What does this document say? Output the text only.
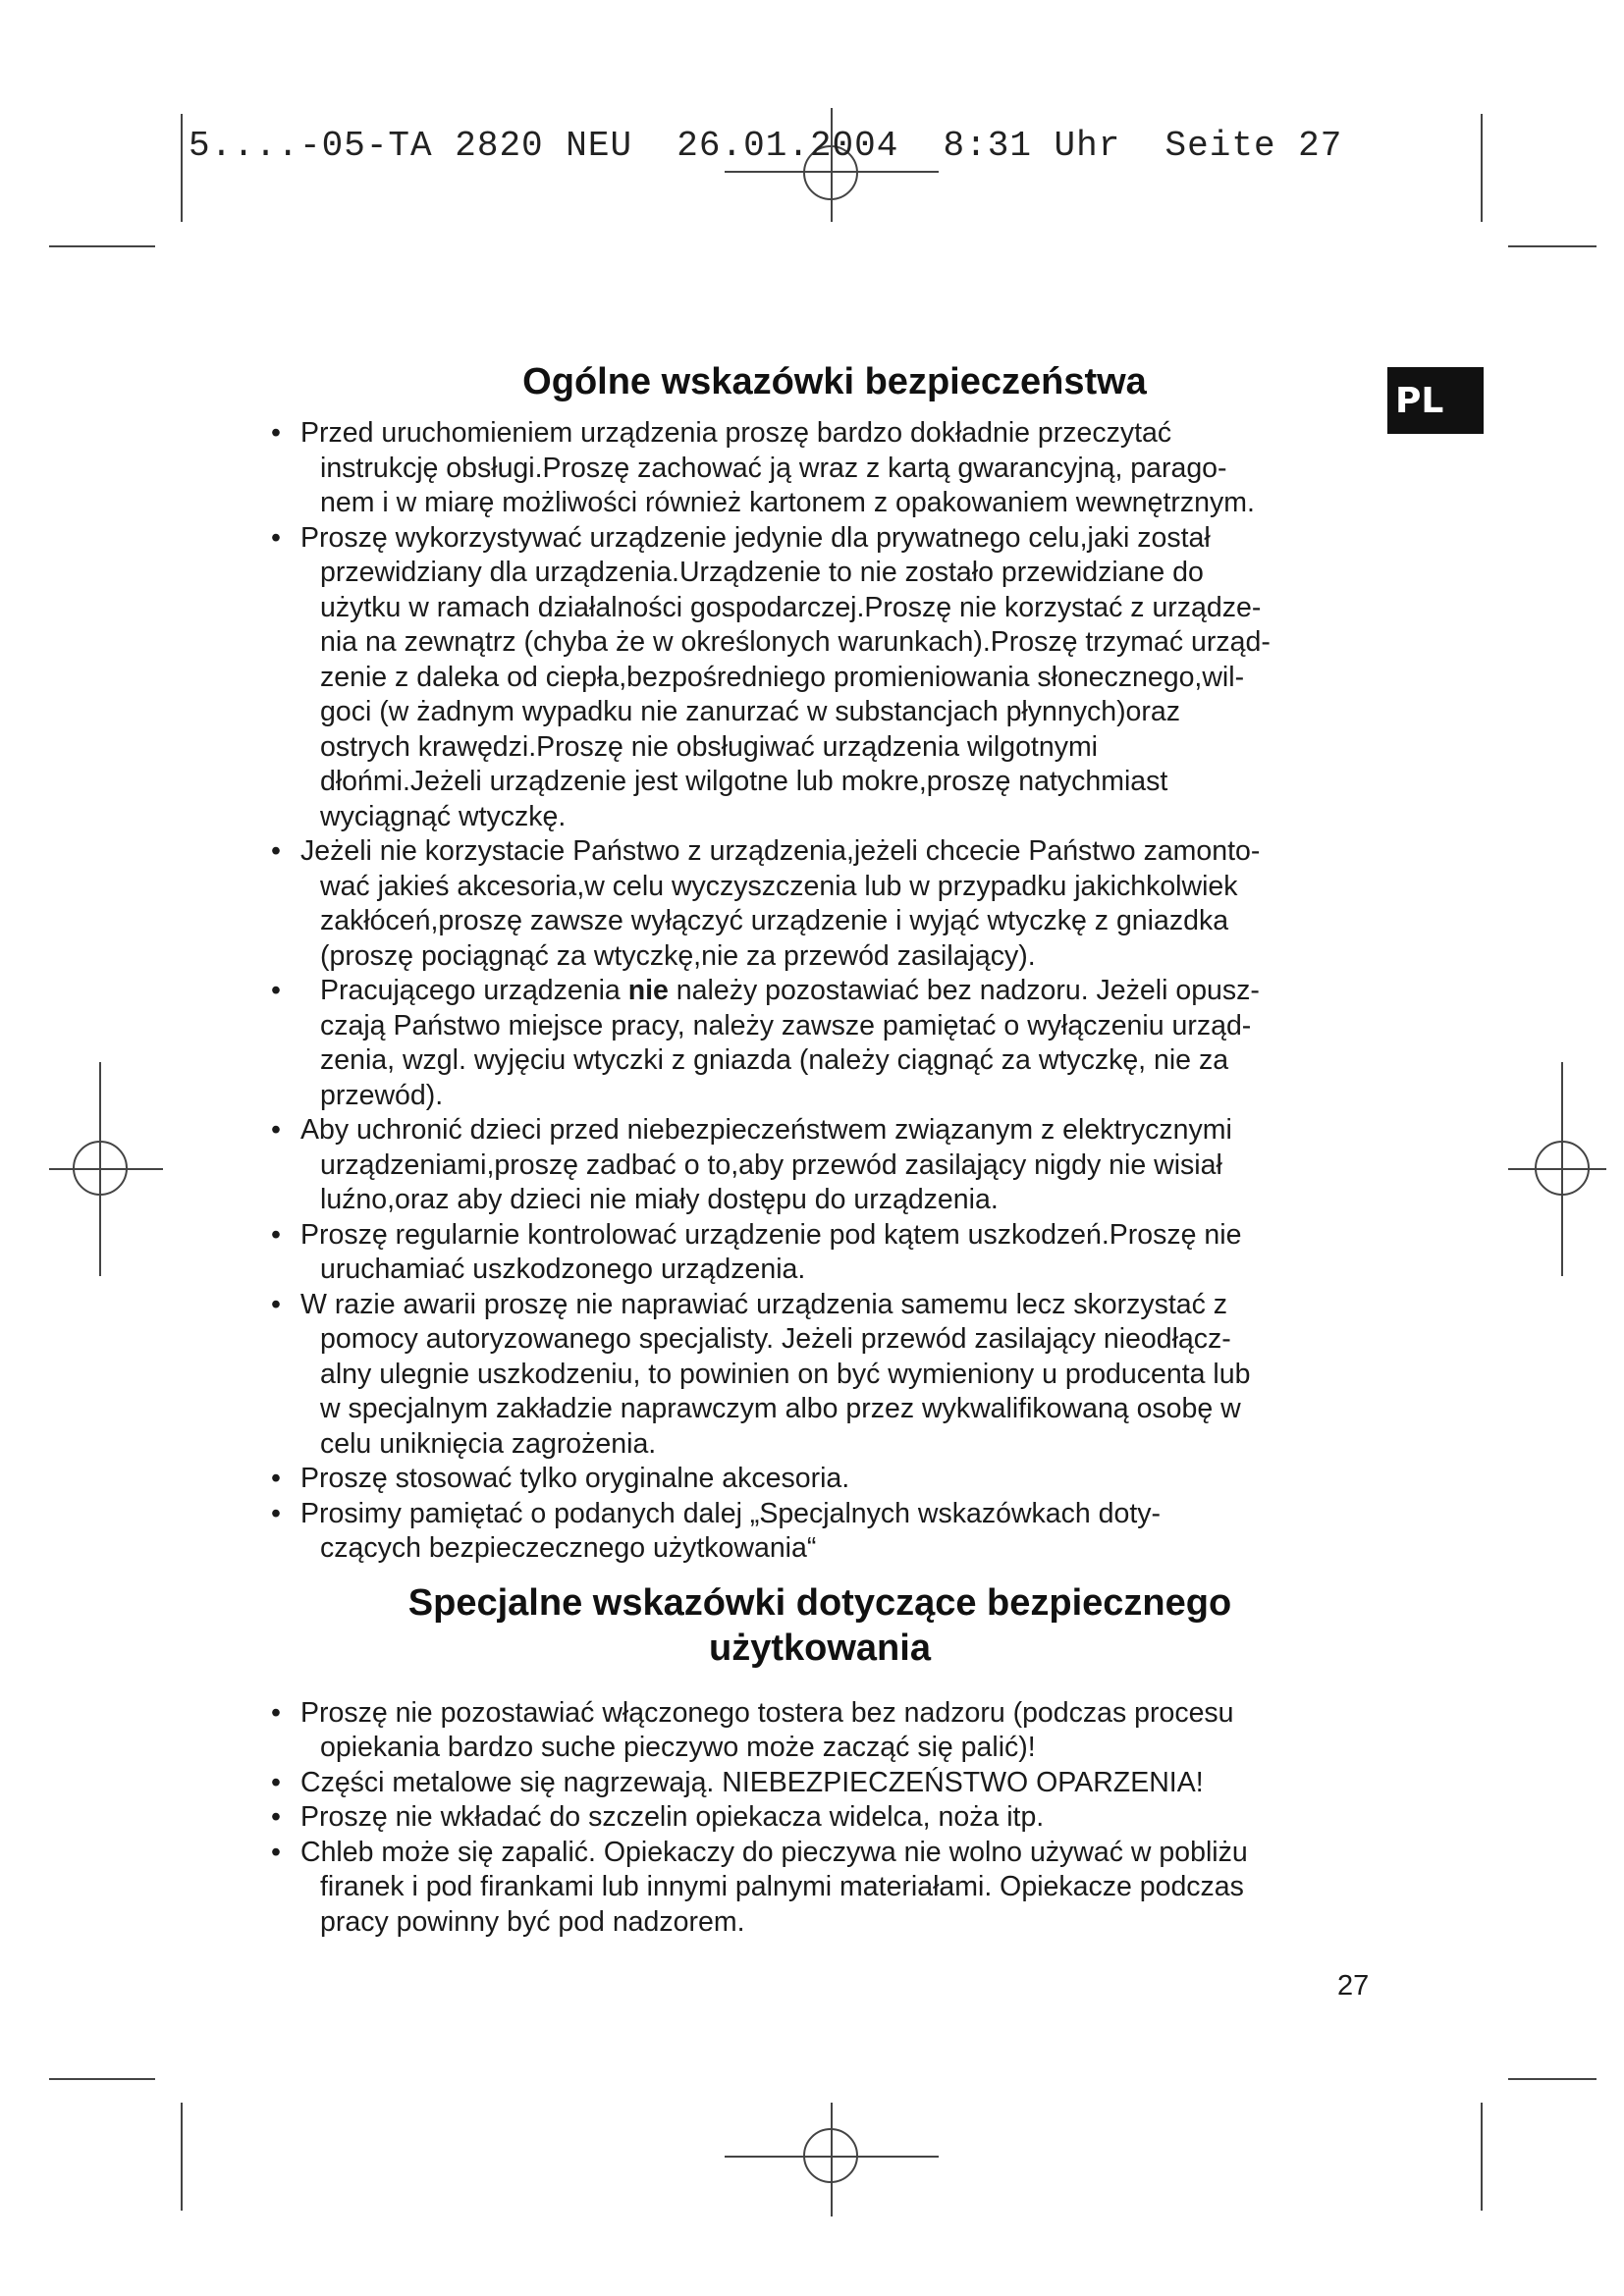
5....-05-TA 2820 NEU  26.01.2004  8:31 Uhr  Seite 27
PL
Ogólne wskazówki bezpieczeństwa
• Przed uruchomieniem urządzenia proszę bardzo dokładnie przeczytać
instrukcję obsługi.Proszę zachować ją wraz z kartą gwarancyjną, parago-
nem i w miarę możliwości również kartonem z opakowaniem wewnętrznym.
• Proszę wykorzystywać urządzenie jedynie dla prywatnego celu,jaki został
przewidziany dla urządzenia.Urządzenie to nie zostało przewidziane do
użytku w ramach działalności gospodarczej.Proszę nie korzystać z urządze-
nia na zewnątrz (chyba że w określonych warunkach).Proszę trzymać urząd-
zenie z daleka od ciepła,bezpośredniego promieniowania słonecznego,wil-
goci (w żadnym wypadku nie zanurzać w substancjach płynnych)oraz
ostrych krawędzi.Proszę nie obsługiwać urządzenia wilgotnymi
dłońmi.Jeżeli urządzenie jest wilgotne lub mokre,proszę natychmiast
wyciągnąć wtyczkę.
• Jeżeli nie korzystacie Państwo z urządzenia,jeżeli chcecie Państwo zamonto-
wać jakieś akcesoria,w celu wyczyszczenia lub w przypadku jakichkolwiek
zakłóceń,proszę zawsze wyłączyć urządzenie i wyjąć wtyczkę z gniazdka
(proszę pociągnąć za wtyczkę,nie za przewód zasilający).
•	Pracującego urządzenia nie należy pozostawiać bez nadzoru. Jeżeli opusz-
czają Państwo miejsce pracy, należy zawsze pamiętać o wyłączeniu urząd-
zenia, wzgl. wyjęciu wtyczki z gniazda (należy ciągnąć za wtyczkę, nie za
przewód).
• Aby uchronić dzieci przed niebezpieczeństwem związanym z elektrycznymi
urządzeniami,proszę zadbać o to,aby przewód zasilający nigdy nie wisiał
luźno,oraz aby dzieci nie miały dostępu do urządzenia.
• Proszę regularnie kontrolować urządzenie pod kątem uszkodzeń.Proszę nie
uruchamiać uszkodzonego urządzenia.
• W razie awarii proszę nie naprawiać urządzenia samemu lecz skorzystać z
pomocy autoryzowanego specjalisty. Jeżeli przewód zasilający nieodłącz-
alny ulegnie uszkodzeniu, to powinien on być wymieniony u producenta lub
w specjalnym zakładzie naprawczym albo przez wykwalifikowaną osobę w
celu uniknięcia zagrożenia.
• Proszę stosować tylko oryginalne akcesoria.
• Prosimy pamiętać o podanych dalej „Specjalnych wskazówkach doty-
czących bezpieczecznego użytkowania“
Specjalne wskazówki dotyczące bezpiecznego
użytkowania
• Proszę nie pozostawiać włączonego tostera bez nadzoru (podczas procesu
opiekania bardzo suche pieczywo może zacząć się palić)!
• Części metalowe się nagrzewają. NIEBEZPIECZEŃSTWO OPARZENIA!
• Proszę nie wkładać do szczelin opiekacza widelca, noża itp.
• Chleb może się zapalić. Opiekaczy do pieczywa nie wolno używać w pobliżu
firanek i pod firankami lub innymi palnymi materiałami. Opiekacze podczas
pracy powinny być pod nadzorem.
27
